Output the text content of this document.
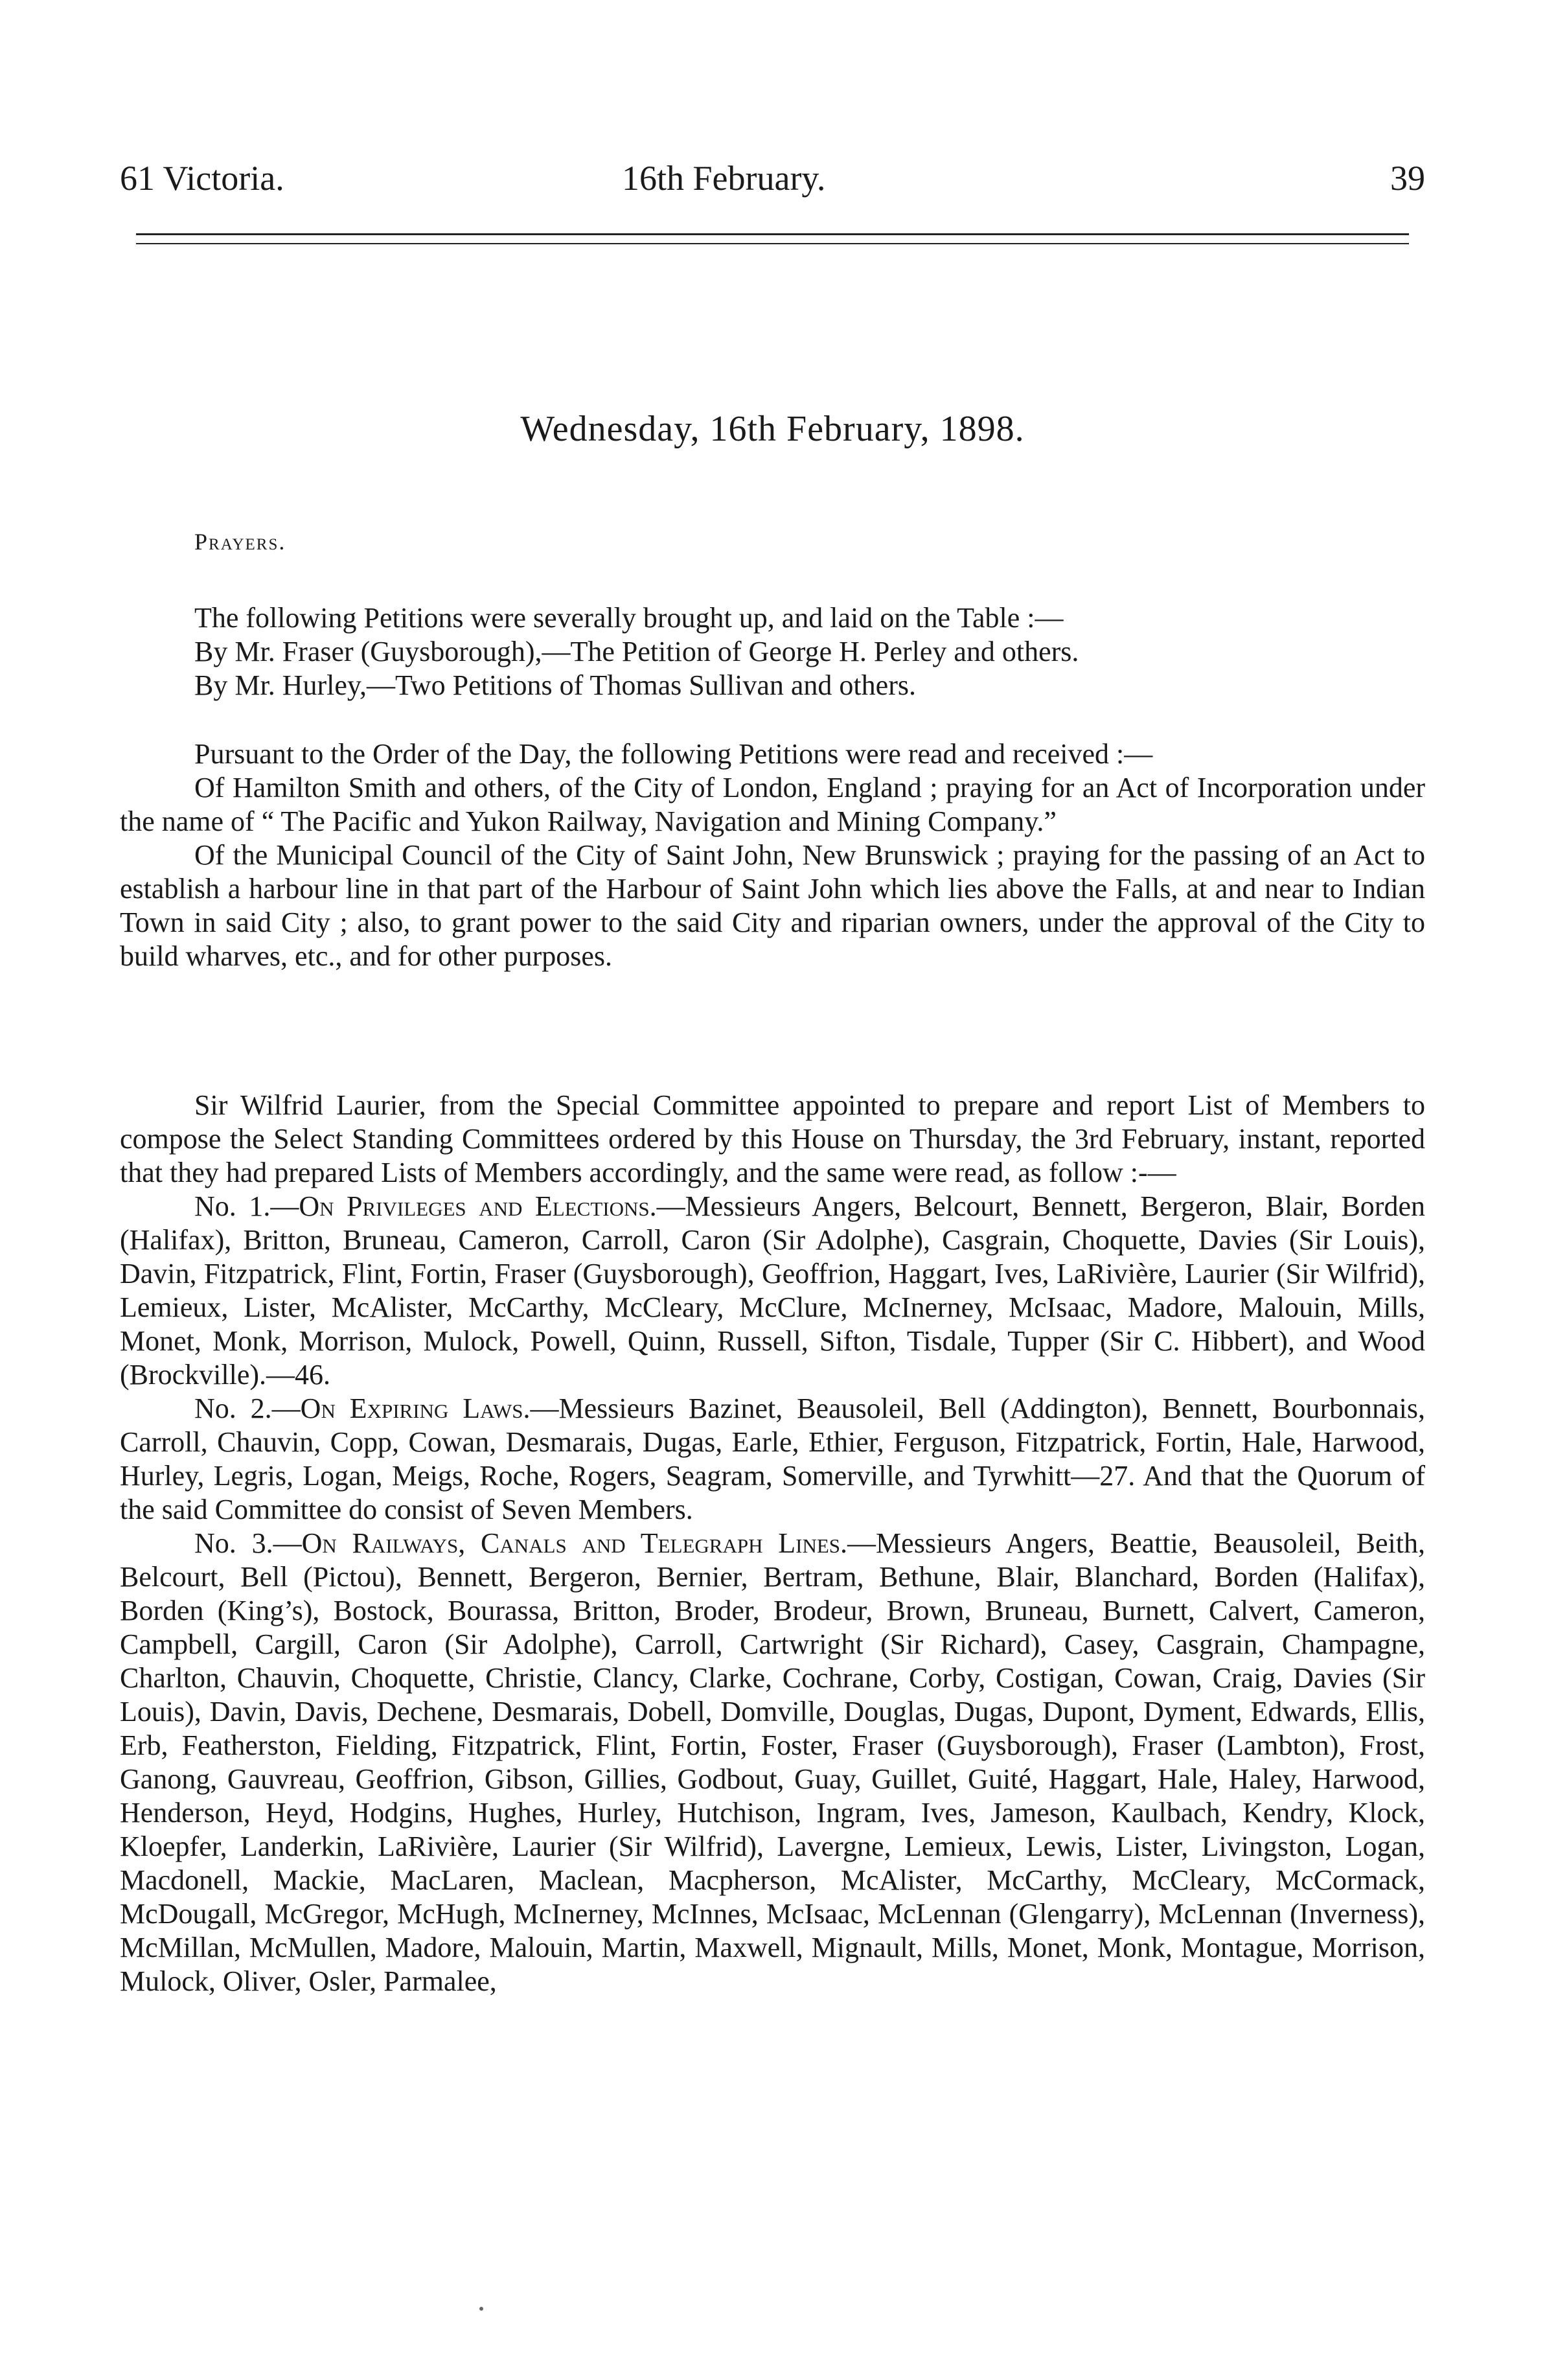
61 Victoria.	16th February.	39
Wednesday, 16th February, 1898.
Prayers.

The following Petitions were severally brought up, and laid on the Table :—

By Mr. Fraser (Guysborough),—The Petition of George H. Perley and others.

By Mr. Hurley,—Two Petitions of Thomas Sullivan and others.

Pursuant to the Order of the Day, the following Petitions were read and received :—

Of Hamilton Smith and others, of the City of London, England ; praying for an Act of Incorporation under the name of “ The Pacific and Yukon Railway, Navigation and Mining Company.”

Of the Municipal Council of the City of Saint John, New Brunswick ; praying for the passing of an Act to establish a harbour line in that part of the Harbour of Saint John which lies above the Falls, at and near to Indian Town in said City ; also, to grant power to the said City and riparian owners, under the approval of the City to build wharves, etc., and for other purposes.

Sir Wilfrid Laurier, from the Special Committee appointed to prepare and report List of Members to compose the Select Standing Committees ordered by this House on Thursday, the 3rd February, instant, reported that they had prepared Lists of Members accordingly, and the same were read, as follow :-—

No. 1.—On Privileges and Elections.—Messieurs Angers, Belcourt, Bennett, Bergeron, Blair, Borden (Halifax), Britton, Bruneau, Cameron, Carroll, Caron (Sir Adolphe), Casgrain, Choquette, Davies (Sir Louis), Davin, Fitzpatrick, Flint, Fortin, Fraser (Guysborough), Geoffrion, Haggart, Ives, LaRivière, Laurier (Sir Wilfrid), Lemieux, Lister, McAlister, McCarthy, McCleary, McClure, McInerney, McIsaac, Madore, Malouin, Mills, Monet, Monk, Morrison, Mulock, Powell, Quinn, Russell, Sifton, Tisdale, Tupper (Sir C. Hibbert), and Wood (Brockville).—46.

No. 2.—On Expiring Laws.—Messieurs Bazinet, Beausoleil, Bell (Addington), Bennett, Bourbonnais, Carroll, Chauvin, Copp, Cowan, Desmarais, Dugas, Earle, Ethier, Ferguson, Fitzpatrick, Fortin, Hale, Harwood, Hurley, Legris, Logan, Meigs, Roche, Rogers, Seagram, Somerville, and Tyrwhitt—27. And that the Quorum of the said Committee do consist of Seven Members.

No. 3.—On Railways, Canals and Telegraph Lines.—Messieurs Angers, Beattie, Beausoleil, Beith, Belcourt, Bell (Pictou), Bennett, Bergeron, Bernier, Bertram, Bethune, Blair, Blanchard, Borden (Halifax), Borden (King’s), Bostock, Bourassa, Britton, Broder, Brodeur, Brown, Bruneau, Burnett, Calvert, Cameron, Campbell, Cargill, Caron (Sir Adolphe), Carroll, Cartwright (Sir Richard), Casey, Casgrain, Champagne, Charlton, Chauvin, Choquette, Christie, Clancy, Clarke, Cochrane, Corby, Costigan, Cowan, Craig, Davies (Sir Louis), Davin, Davis, Dechene, Desmarais, Dobell, Domville, Douglas, Dugas, Dupont, Dyment, Edwards, Ellis, Erb, Featherston, Fielding, Fitzpatrick, Flint, Fortin, Foster, Fraser (Guysborough), Fraser (Lambton), Frost, Ganong, Gauvreau, Geoffrion, Gibson, Gillies, Godbout, Guay, Guillet, Guité, Haggart, Hale, Haley, Harwood, Henderson, Heyd, Hodgins, Hughes, Hurley, Hutchison, Ingram, Ives, Jameson, Kaulbach, Kendry, Klock, Kloepfer, Landerkin, LaRivière, Laurier (Sir Wilfrid), Lavergne, Lemieux, Lewis, Lister, Livingston, Logan, Macdonell, Mackie, MacLaren, Maclean, Macpherson, McAlister, McCarthy, McCleary, McCormack, McDougall, McGregor, McHugh, McInerney, McInnes, McIsaac, McLennan (Glengarry), McLennan (Inverness), McMillan, McMullen, Madore, Malouin, Martin, Maxwell, Mignault, Mills, Monet, Monk, Montague, Morrison, Mulock, Oliver, Osler, Parmalee,
